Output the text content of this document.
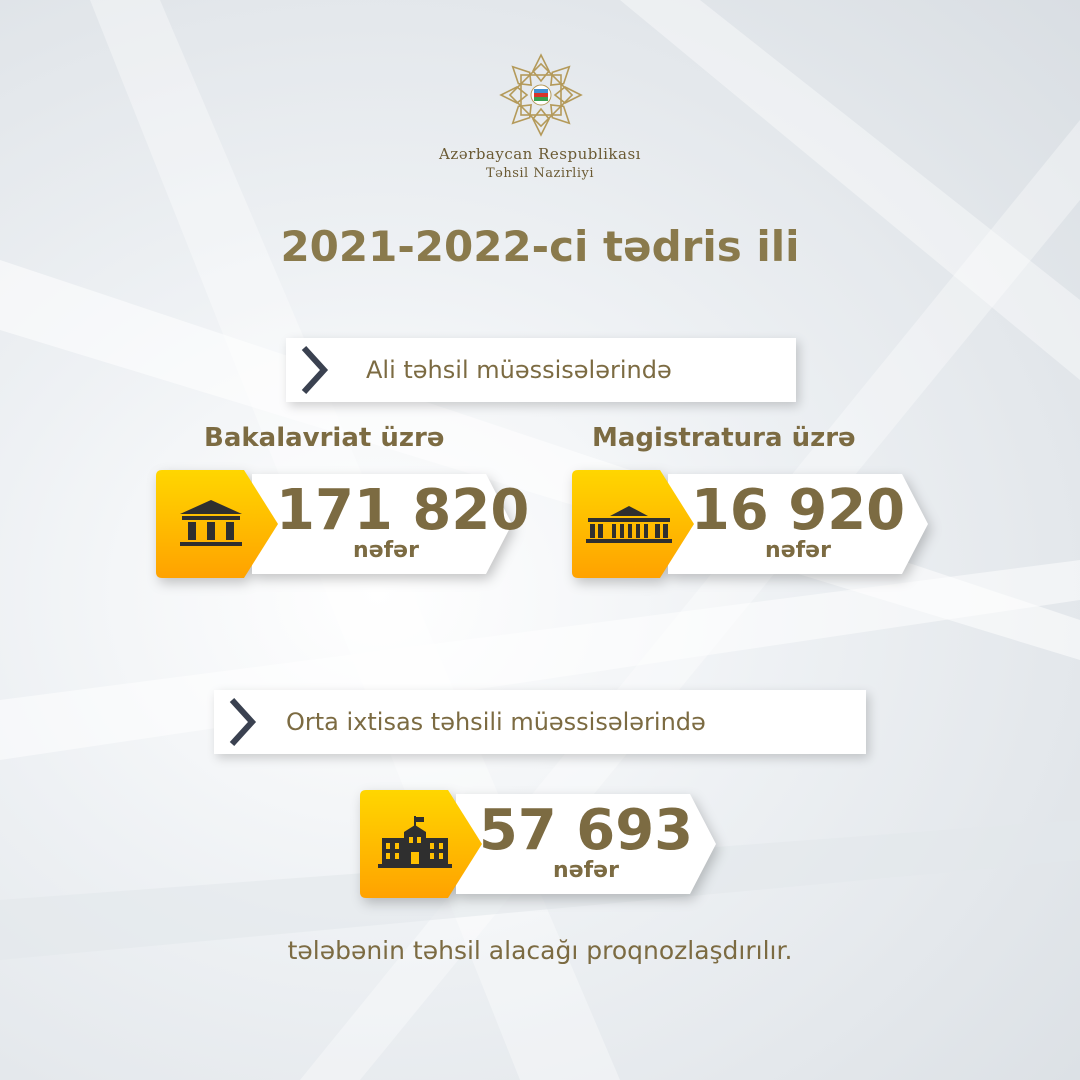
Azərbaycan Respublikası
Təhsil Nazirliyi
2021-2022-ci tədris ili
Ali təhsil müəssisələrində
Bakalavriat üzrə	Magistratura üzrə
171 820
nəfər
16 920
nəfər
Orta ixtisas təhsili müəssisələrində
57 693
nəfər
tələbənin təhsil alacağı proqnozlaşdırılır.
